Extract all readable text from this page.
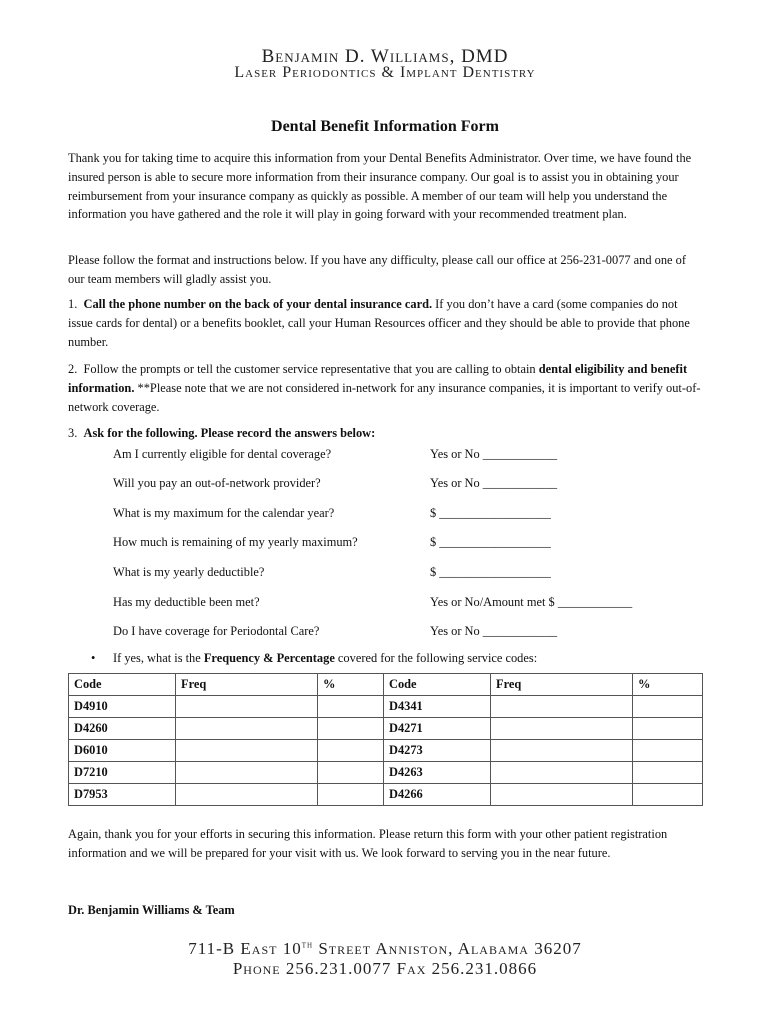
Benjamin D. Williams, DMD
Laser Periodontics & Implant Dentistry
Dental Benefit Information Form

Thank you for taking time to acquire this information from your Dental Benefits Administrator. Over time, we have found the insured person is able to secure more information from their insurance company. Our goal is to assist you in obtaining your reimbursement from your insurance company as quickly as possible. A member of our team will help you understand the information you have gathered and the role it will play in going forward with your recommended treatment plan.

Please follow the format and instructions below. If you have any difficulty, please call our office at 256-231-0077 and one of our team members will gladly assist you.

1. Call the phone number on the back of your dental insurance card. If you don’t have a card (some companies do not issue cards for dental) or a benefits booklet, call your Human Resources officer and they should be able to provide that phone number.

2. Follow the prompts or tell the customer service representative that you are calling to obtain dental eligibility and benefit information. **Please note that we are not considered in-network for any insurance companies, it is important to verify out-of-network coverage.

3. Ask for the following. Please record the answers below:

Am I currently eligible for dental coverage?	Yes or No ____________
Will you pay an out-of-network provider?	Yes or No ____________
What is my maximum for the calendar year?	$ __________________
How much is remaining of my yearly maximum?	$ __________________
What is my yearly deductible?	$ __________________
Has my deductible been met?	Yes or No/Amount met $ ____________
Do I have coverage for Periodontal Care?	Yes or No ____________
• If yes, what is the Frequency & Percentage covered for the following service codes:
Code	Freq	%	Code	Freq	%
D4910			D4341		
D4260			D4271		
D6010			D4273		
D7210			D4263		
D7953			D4266		

Again, thank you for your efforts in securing this information. Please return this form with your other patient registration information and we will be prepared for your visit with us. We look forward to serving you in the near future.

Dr. Benjamin Williams & Team

711-B East 10th Street Anniston, Alabama 36207
Phone 256.231.0077 Fax 256.231.0866
